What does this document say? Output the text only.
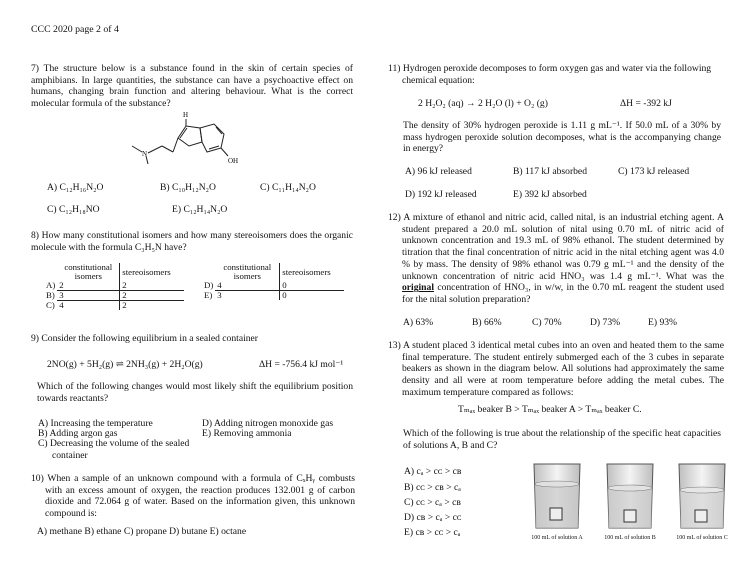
CCC 2020 page 2 of 4
7) The structure below is a substance found in the skin of certain species of amphibians. In large quantities, the substance can have a psychoactive effect on humans, changing brain function and altering behaviour. What is the correct molecular formula of the substance?
H
N
OH
A) C₁₂H₁₆N₂O	B) C₁₀H₁₂N₂O	C) C₁₁H₁₄N₂O
C) C₁₂H₁₈NO	E) C₁₂H₁₄N₂O
8) How many constitutional isomers and how many stereoisomers does the organic molecule with the formula C₃H₅N have?
	constitutional isomers	stereoisomers
A)	2	2
B)	3	2
C)	4	2
	constitutional isomers	stereoisomers
D)	4	0
E)	3	0
9) Consider the following equilibrium in a sealed container
2NO(g) + 5H₂(g) ⇌ 2NH₃(g) + 2H₂O(g)	ΔH = -756.4 kJ mol⁻¹
Which of the following changes would most likely shift the equilibrium position towards reactants?
A) Increasing the temperature
B) Adding argon gas
C) Decreasing the volume of the sealed container
D) Adding nitrogen monoxide gas
E) Removing ammonia
10) When a sample of an unknown compound with a formula of CₓHᵧ combusts with an excess amount of oxygen, the reaction produces 132.001 g of carbon dioxide and 72.064 g of water. Based on the information given, this unknown compound is:
A) methane B) ethane C) propane D) butane E) octane
11) Hydrogen peroxide decomposes to form oxygen gas and water via the following chemical equation:
2 H₂O₂ (aq) → 2 H₂O (l) + O₂ (g)	ΔH = -392 kJ
The density of 30% hydrogen peroxide is 1.11 g mL⁻¹. If 50.0 mL of a 30% by mass hydrogen peroxide solution decomposes, what is the accompanying change in energy?
A) 96 kJ released	B) 117 kJ absorbed	C) 173 kJ released
D) 192 kJ released	E) 392 kJ absorbed
12) A mixture of ethanol and nitric acid, called nital, is an industrial etching agent. A student prepared a 20.0 mL solution of nital using 0.70 mL of nitric acid of unknown concentration and 19.3 mL of 98% ethanol. The student determined by titration that the final concentration of nitric acid in the nital etching agent was 4.0 % by mass. The density of 98% ethanol was 0.79 g mL⁻¹ and the density of the unknown concentration of nitric acid HNO₃ was 1.4 g mL⁻¹. What was the original concentration of HNO₃, in w/w, in the 0.70 mL reagent the student used for the nital solution preparation?
A) 63%	B) 66%	C) 70%	D) 73%	E) 93%
13) A student placed 3 identical metal cubes into an oven and heated them to the same final temperature. The student entirely submerged each of the 3 cubes in separate beakers as shown in the diagram below. All solutions had approximately the same density and all were at room temperature before adding the metal cubes. The maximum temperature compared as follows:
Tₘₐₓ beaker B > Tₘₐₓ beaker A > Tₘₐₓ beaker C.
Which of the following is true about the relationship of the specific heat capacities of solutions A, B and C?
A) cₐ > cᴄ > cʙ
B) cᴄ > cʙ > cₐ
C) cᴄ > cₐ > cʙ
D) cʙ > cₐ > cᴄ
E) cʙ > cᴄ > cₐ	100 mL of solution A	100 mL of solution B	100 mL of solution C
